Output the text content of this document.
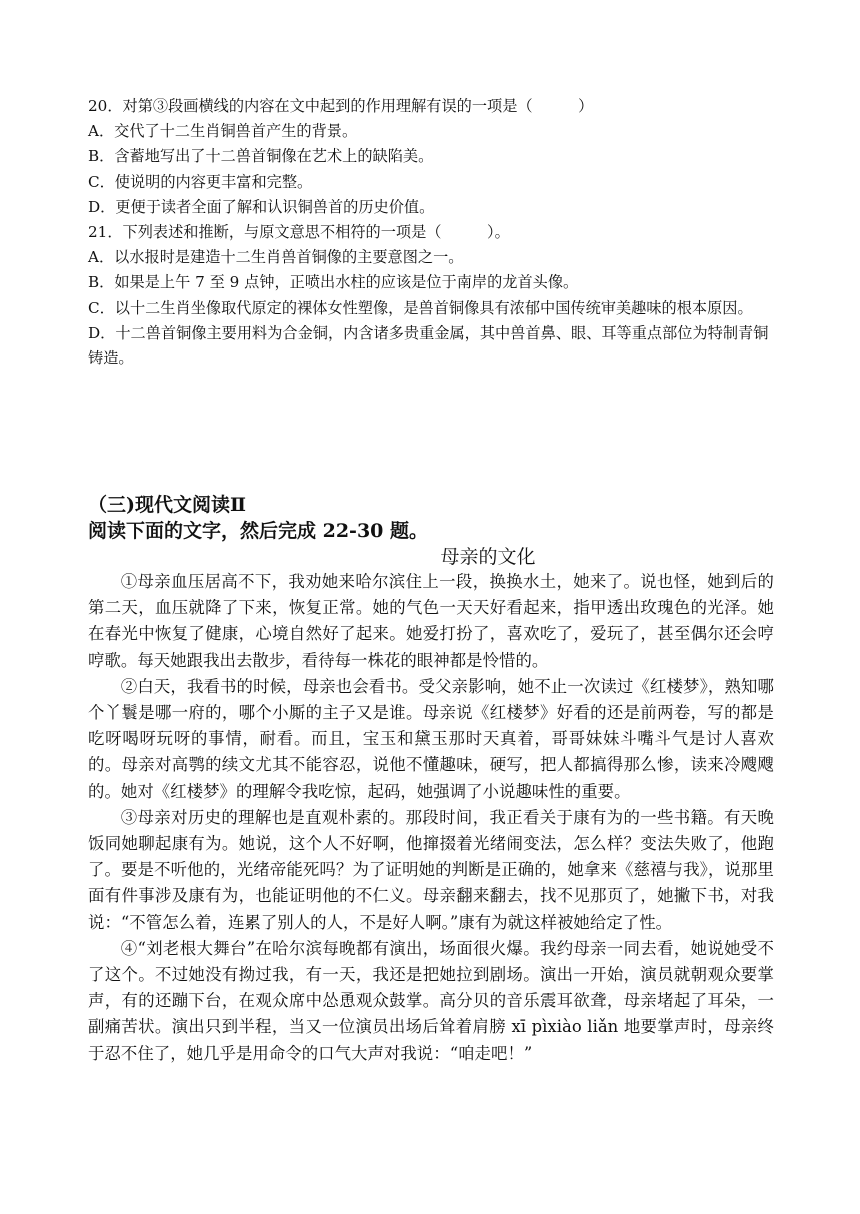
20．对第③段画横线的内容在文中起到的作用理解有误的一项是（　　　）
A．交代了十二生肖铜兽首产生的背景。
B．含蓄地写出了十二兽首铜像在艺术上的缺陷美。
C．使说明的内容更丰富和完整。
D．更便于读者全面了解和认识铜兽首的历史价值。
21．下列表述和推断，与原文意思不相符的一项是（　　　）。
A．以水报时是建造十二生肖兽首铜像的主要意图之一。
B．如果是上午 7 至 9 点钟，正喷出水柱的应该是位于南岸的龙首头像。
C．以十二生肖坐像取代原定的裸体女性塑像，是兽首铜像具有浓郁中国传统审美趣味的根本原因。
D．十二兽首铜像主要用料为合金铜，内含诸多贵重金属，其中兽首鼻、眼、耳等重点部位为特制青铜铸造。
（三)现代文阅读Ⅱ
阅读下面的文字，然后完成 22-30 题。
母亲的文化

①母亲血压居高不下，我劝她来哈尔滨住上一段，换换水土，她来了。说也怪，她到后的第二天，血压就降了下来，恢复正常。她的气色一天天好看起来，指甲透出玫瑰色的光泽。她在春光中恢复了健康，心境自然好了起来。她爱打扮了，喜欢吃了，爱玩了，甚至偶尔还会哼哼歌。每天她跟我出去散步，看待每一株花的眼神都是怜惜的。

②白天，我看书的时候，母亲也会看书。受父亲影响，她不止一次读过《红楼梦》，熟知哪个丫鬟是哪一府的，哪个小厮的主子又是谁。母亲说《红楼梦》好看的还是前两卷，写的都是吃呀喝呀玩呀的事情，耐看。而且，宝玉和黛玉那时天真着，哥哥妹妹斗嘴斗气是讨人喜欢的。母亲对高鹗的续文尤其不能容忍，说他不懂趣味，硬写，把人都搞得那么惨，读来冷飕飕的。她对《红楼梦》的理解令我吃惊，起码，她强调了小说趣味性的重要。

③母亲对历史的理解也是直观朴素的。那段时间，我正看关于康有为的一些书籍。有天晚饭同她聊起康有为。她说，这个人不好啊，他撺掇着光绪闹变法，怎么样？变法失败了，他跑了。要是不听他的，光绪帝能死吗？为了证明她的判断是正确的，她拿来《慈禧与我》，说那里面有件事涉及康有为，也能证明他的不仁义。母亲翻来翻去，找不见那页了，她撇下书，对我说：“不管怎么着，连累了别人的人，不是好人啊。”康有为就这样被她给定了性。

④“刘老根大舞台”在哈尔滨每晚都有演出，场面很火爆。我约母亲一同去看，她说她受不了这个。不过她没有拗过我，有一天，我还是把她拉到剧场。演出一开始，演员就朝观众要掌声，有的还蹦下台，在观众席中怂恿观众鼓掌。高分贝的音乐震耳欲聋，母亲堵起了耳朵，一副痛苦状。演出只到半程，当又一位演员出场后耸着肩膀 xī pìxiào liǎn 地要掌声时，母亲终于忍不住了，她几乎是用命令的口气大声对我说：“咱走吧！”
